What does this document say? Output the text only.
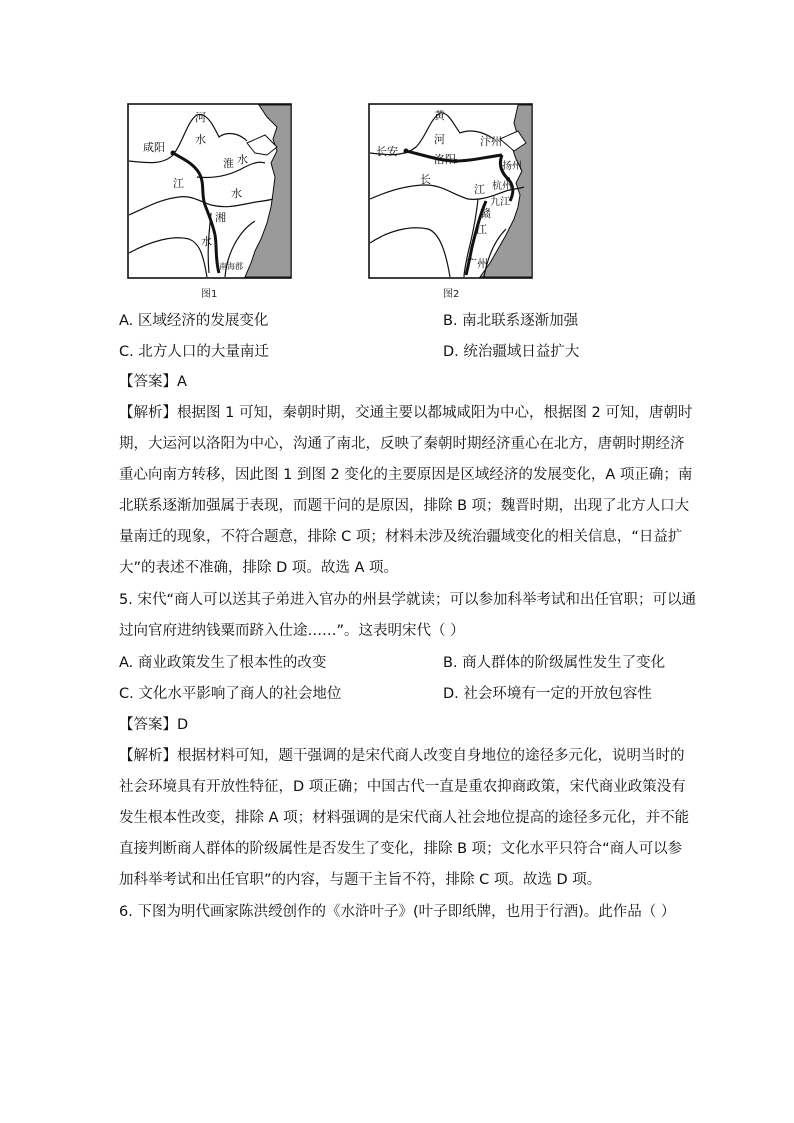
河
水
咸阳
淮 水
江
水
湘
水
南海郡
图1
黄
河	汴州
长安
洛阳
长
江
扬州
杭州
九江
赣
江
广州
图2
A. 区域经济的发展变化	B. 南北联系逐渐加强
C. 北方人口的大量南迁	D. 统治疆域日益扩大
【答案】A
【解析】根据图 1 可知，秦朝时期，交通主要以都城咸阳为中心，根据图 2 可知，唐朝时
期，大运河以洛阳为中心，沟通了南北，反映了秦朝时期经济重心在北方，唐朝时期经济
重心向南方转移，因此图 1 到图 2 变化的主要原因是区域经济的发展变化，A 项正确；南
北联系逐渐加强属于表现，而题干问的是原因，排除 B 项；魏晋时期，出现了北方人口大
量南迁的现象，不符合题意，排除 C 项；材料未涉及统治疆域变化的相关信息，“日益扩
大”的表述不准确，排除 D 项。故选 A 项。
5. 宋代“商人可以送其子弟进入官办的州县学就读；可以参加科举考试和出任官职；可以通
过向官府进纳钱粟而跻入仕途……”。这表明宋代（ ）
A. 商业政策发生了根本性的改变	B. 商人群体的阶级属性发生了变化
C. 文化水平影响了商人的社会地位	D. 社会环境有一定的开放包容性
【答案】D
【解析】根据材料可知，题干强调的是宋代商人改变自身地位的途径多元化，说明当时的
社会环境具有开放性特征，D 项正确；中国古代一直是重农抑商政策，宋代商业政策没有
发生根本性改变，排除 A 项；材料强调的是宋代商人社会地位提高的途径多元化，并不能
直接判断商人群体的阶级属性是否发生了变化，排除 B 项；文化水平只符合“商人可以参
加科举考试和出任官职”的内容，与题干主旨不符，排除 C 项。故选 D 项。
6. 下图为明代画家陈洪绶创作的《水浒叶子》(叶子即纸牌，也用于行酒)。此作品（ ）
